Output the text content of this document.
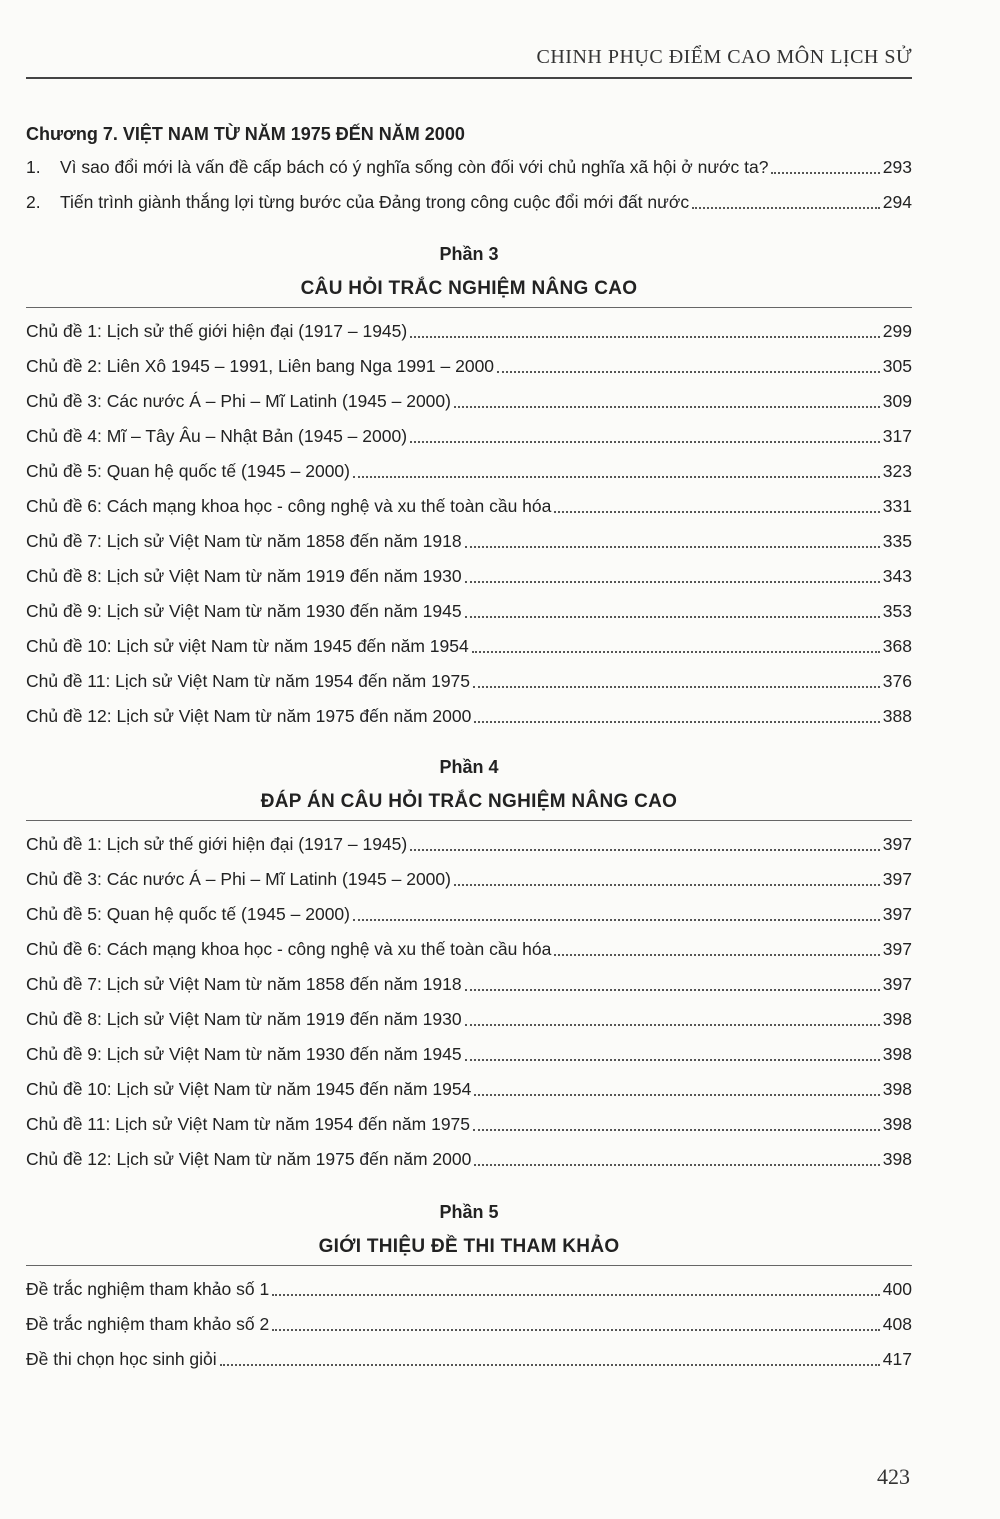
CHINH PHỤC ĐIỂM CAO MÔN LỊCH SỬ
Chương 7. VIỆT NAM TỪ NĂM 1975 ĐẾN NĂM 2000
1.	Vì sao đổi mới là vấn đề cấp bách có ý nghĩa sống còn đối với chủ nghĩa xã hội ở nước ta?	293
2.	Tiến trình giành thắng lợi từng bước của Đảng trong công cuộc đổi mới đất nước	294
Phần 3
CÂU HỎI TRẮC NGHIỆM NÂNG CAO
Chủ đề 1: Lịch sử thế giới hiện đại (1917 – 1945)	299
Chủ đề 2: Liên Xô 1945 – 1991, Liên bang Nga 1991 – 2000	305
Chủ đề 3: Các nước Á – Phi – Mĩ Latinh (1945 – 2000)	309
Chủ đề 4: Mĩ – Tây Âu – Nhật Bản (1945 – 2000)	317
Chủ đề 5: Quan hệ quốc tế (1945 – 2000)	323
Chủ đề 6: Cách mạng khoa học - công nghệ và xu thế toàn cầu hóa	331
Chủ đề 7: Lịch sử Việt Nam từ năm 1858 đến năm 1918	335
Chủ đề 8: Lịch sử Việt Nam từ năm 1919 đến năm 1930	343
Chủ đề 9: Lịch sử Việt Nam từ năm 1930 đến năm 1945	353
Chủ đề 10: Lịch sử việt Nam từ năm 1945 đến năm 1954	368
Chủ đề 11: Lịch sử Việt Nam từ năm 1954 đến năm 1975	376
Chủ đề 12: Lịch sử Việt Nam từ năm 1975 đến năm 2000	388
Phần 4
ĐÁP ÁN CÂU HỎI TRẮC NGHIỆM NÂNG CAO
Chủ đề 1: Lịch sử thế giới hiện đại (1917 – 1945)	397
Chủ đề 3: Các nước Á – Phi – Mĩ Latinh (1945 – 2000)	397
Chủ đề 5: Quan hệ quốc tế (1945 – 2000)	397
Chủ đề 6: Cách mạng khoa học - công nghệ và xu thế toàn cầu hóa	397
Chủ đề 7: Lịch sử Việt Nam từ năm 1858 đến năm 1918	397
Chủ đề 8: Lịch sử Việt Nam từ năm 1919 đến năm 1930	398
Chủ đề 9: Lịch sử Việt Nam từ năm 1930 đến năm 1945	398
Chủ đề 10: Lịch sử Việt Nam từ năm 1945 đến năm 1954	398
Chủ đề 11: Lịch sử Việt Nam từ năm 1954 đến năm 1975	398
Chủ đề 12: Lịch sử Việt Nam từ năm 1975 đến năm 2000	398
Phần 5
GIỚI THIỆU ĐỀ THI THAM KHẢO
Đề trắc nghiệm tham khảo số 1	400
Đề trắc nghiệm tham khảo số 2	408
Đề thi chọn học sinh giỏi	417
423
